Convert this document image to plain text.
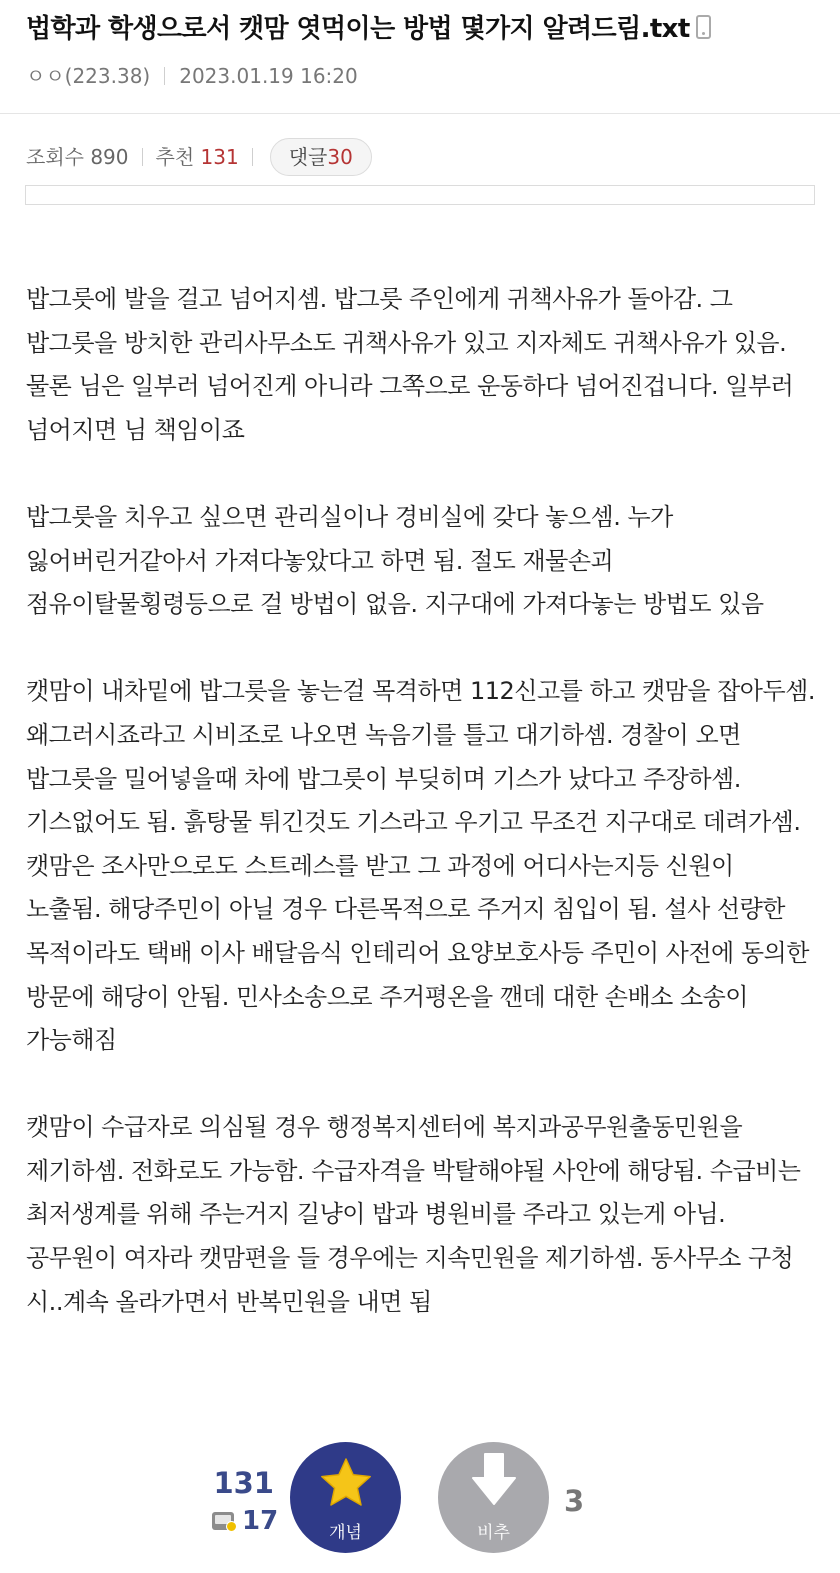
법학과 학생으로서 캣맘 엿먹이는 방법 몇가지 알려드림.txt
ㅇㅇ(223.38) 2023.01.19 16:20
조회수 890 추천 131	댓글30

밥그릇에 발을 걸고 넘어지셈. 밥그릇 주인에게 귀책사유가 돌아감. 그 밥그릇을 방치한 관리사무소도 귀책사유가 있고 지자체도 귀책사유가 있음. 물론 님은 일부러 넘어진게 아니라 그쪽으로 운동하다 넘어진겁니다. 일부러 넘어지면 님 책임이죠

밥그릇을 치우고 싶으면 관리실이나 경비실에 갖다 놓으셈. 누가 잃어버린거같아서 가져다놓았다고 하면 됨. 절도 재물손괴 점유이탈물횡령등으로 걸 방법이 없음. 지구대에 가져다놓는 방법도 있음

캣맘이 내차밑에 밥그릇을 놓는걸 목격하면 112신고를 하고 캣맘을 잡아두셈. 왜그러시죠라고 시비조로 나오면 녹음기를 틀고 대기하셈. 경찰이 오면 밥그릇을 밀어넣을때 차에 밥그릇이 부딪히며 기스가 났다고 주장하셈. 기스없어도 됨. 흙탕물 튀긴것도 기스라고 우기고 무조건 지구대로 데려가셈. 캣맘은 조사만으로도 스트레스를 받고 그 과정에 어디사는지등 신원이 노출됨. 해당주민이 아닐 경우 다른목적으로 주거지 침입이 됨. 설사 선량한 목적이라도 택배 이사 배달음식 인테리어 요양보호사등 주민이 사전에 동의한 방문에 해당이 안됨. 민사소송으로 주거평온을 깬데 대한 손배소 소송이 가능해짐

캣맘이 수급자로 의심될 경우 행정복지센터에 복지과공무원출동민원을 제기하셈. 전화로도 가능함. 수급자격을 박탈해야될 사안에 해당됨. 수급비는 최저생계를 위해 주는거지 길냥이 밥과 병원비를 주라고 있는게 아님. 공무원이 여자라 캣맘편을 들 경우에는 지속민원을 제기하셈. 동사무소 구청 시..계속 올라가면서 반복민원을 내면 됨

131
17	개념	비추
3
